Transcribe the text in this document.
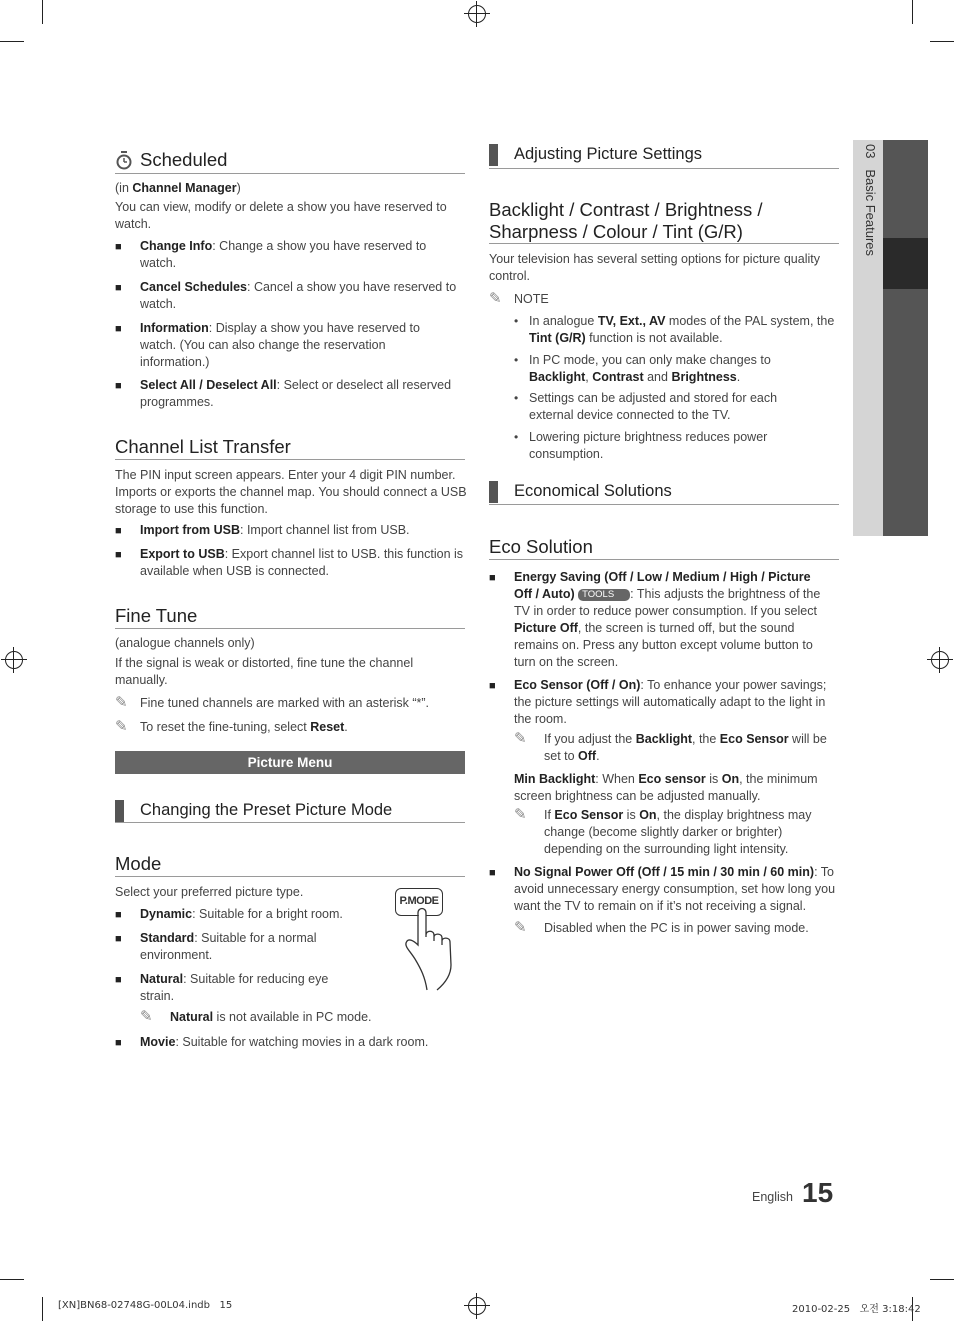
03   Basic Features
Scheduled
(in Channel Manager)
You can view, modify or delete a show you have reserved to watch.
■ Change Info: Change a show you have reserved to watch.
■ Cancel Schedules: Cancel a show you have reserved to watch.
■ Information: Display a show you have reserved to watch. (You can also change the reservation information.)
■ Select All / Deselect All: Select or deselect all reserved programmes.
Channel List Transfer
The PIN input screen appears. Enter your 4 digit PIN number. Imports or exports the channel map. You should connect a USB storage to use this function.
■ Import from USB: Import channel list from USB.
■ Export to USB: Export channel list to USB. this function is available when USB is connected.
Fine Tune
(analogue channels only)
If the signal is weak or distorted, fine tune the channel manually.
✎ Fine tuned channels are marked with an asterisk “*”.
✎ To reset the fine-tuning, select Reset.
Picture Menu
Changing the Preset Picture Mode
Mode
Select your preferred picture type.
■ Dynamic: Suitable for a bright room.
■ Standard: Suitable for a normal environment.
■ Natural: Suitable for reducing eye strain.
✎ Natural is not available in PC mode.
■ Movie: Suitable for watching movies in a dark room.
P.MODE
Adjusting Picture Settings
Backlight / Contrast / Brightness /
Sharpness / Colour / Tint (G/R)
Your television has several setting options for picture quality control.
✎ NOTE
• In analogue TV, Ext., AV modes of the PAL system, the Tint (G/R) function is not available.
• In PC mode, you can only make changes to Backlight, Contrast and Brightness.
• Settings can be adjusted and stored for each external device connected to the TV.
• Lowering picture brightness reduces power consumption.
Economical Solutions
Eco Solution
■ Energy Saving (Off / Low / Medium / High / Picture Off / Auto) TOOLS : This adjusts the brightness of the TV in order to reduce power consumption. If you select Picture Off, the screen is turned off, but the sound remains on. Press any button except volume button to turn on the screen.
■ Eco Sensor (Off / On): To enhance your power savings; the picture settings will automatically adapt to the light in the room.
✎ If you adjust the Backlight, the Eco Sensor will be set to Off.
Min Backlight: When Eco sensor is On, the minimum screen brightness can be adjusted manually.
✎ If Eco Sensor is On, the display brightness may change (become slightly darker or brighter) depending on the surrounding light intensity.
■ No Signal Power Off (Off / 15 min / 30 min / 60 min): To avoid unnecessary energy consumption, set how long you want the TV to remain on if it’s not receiving a signal.
✎ Disabled when the PC is in power saving mode.
English 15
[XN]BN68-02748G-00L04.indb   15	2010-02-25   오전 3:18:42
